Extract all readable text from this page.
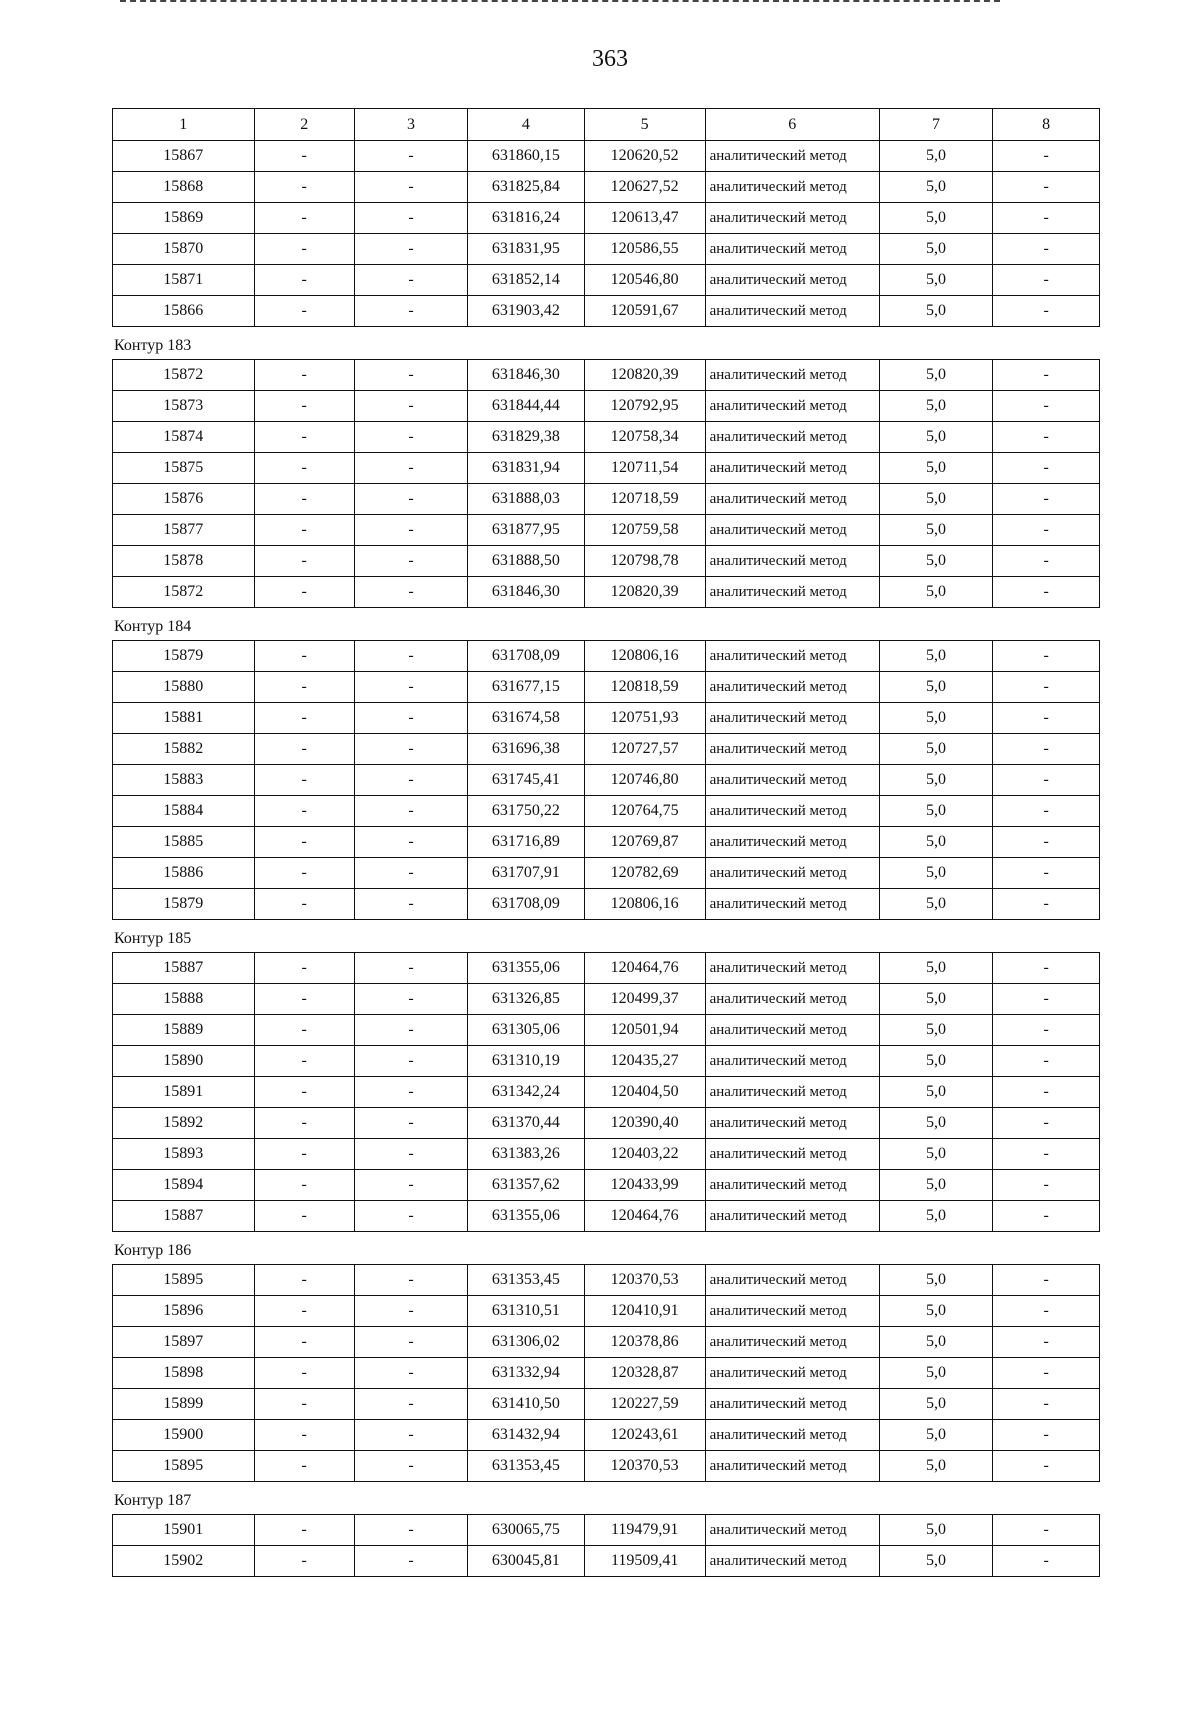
363
1	2	3	4	5	6	7	8
15867	-	-	631860,15	120620,52	аналитический метод	5,0	-
15868	-	-	631825,84	120627,52	аналитический метод	5,0	-
15869	-	-	631816,24	120613,47	аналитический метод	5,0	-
15870	-	-	631831,95	120586,55	аналитический метод	5,0	-
15871	-	-	631852,14	120546,80	аналитический метод	5,0	-
15866	-	-	631903,42	120591,67	аналитический метод	5,0	-
Контур 183
15872	-	-	631846,30	120820,39	аналитический метод	5,0	-
15873	-	-	631844,44	120792,95	аналитический метод	5,0	-
15874	-	-	631829,38	120758,34	аналитический метод	5,0	-
15875	-	-	631831,94	120711,54	аналитический метод	5,0	-
15876	-	-	631888,03	120718,59	аналитический метод	5,0	-
15877	-	-	631877,95	120759,58	аналитический метод	5,0	-
15878	-	-	631888,50	120798,78	аналитический метод	5,0	-
15872	-	-	631846,30	120820,39	аналитический метод	5,0	-
Контур 184
15879	-	-	631708,09	120806,16	аналитический метод	5,0	-
15880	-	-	631677,15	120818,59	аналитический метод	5,0	-
15881	-	-	631674,58	120751,93	аналитический метод	5,0	-
15882	-	-	631696,38	120727,57	аналитический метод	5,0	-
15883	-	-	631745,41	120746,80	аналитический метод	5,0	-
15884	-	-	631750,22	120764,75	аналитический метод	5,0	-
15885	-	-	631716,89	120769,87	аналитический метод	5,0	-
15886	-	-	631707,91	120782,69	аналитический метод	5,0	-
15879	-	-	631708,09	120806,16	аналитический метод	5,0	-
Контур 185
15887	-	-	631355,06	120464,76	аналитический метод	5,0	-
15888	-	-	631326,85	120499,37	аналитический метод	5,0	-
15889	-	-	631305,06	120501,94	аналитический метод	5,0	-
15890	-	-	631310,19	120435,27	аналитический метод	5,0	-
15891	-	-	631342,24	120404,50	аналитический метод	5,0	-
15892	-	-	631370,44	120390,40	аналитический метод	5,0	-
15893	-	-	631383,26	120403,22	аналитический метод	5,0	-
15894	-	-	631357,62	120433,99	аналитический метод	5,0	-
15887	-	-	631355,06	120464,76	аналитический метод	5,0	-
Контур 186
15895	-	-	631353,45	120370,53	аналитический метод	5,0	-
15896	-	-	631310,51	120410,91	аналитический метод	5,0	-
15897	-	-	631306,02	120378,86	аналитический метод	5,0	-
15898	-	-	631332,94	120328,87	аналитический метод	5,0	-
15899	-	-	631410,50	120227,59	аналитический метод	5,0	-
15900	-	-	631432,94	120243,61	аналитический метод	5,0	-
15895	-	-	631353,45	120370,53	аналитический метод	5,0	-
Контур 187
15901	-	-	630065,75	119479,91	аналитический метод	5,0	-
15902	-	-	630045,81	119509,41	аналитический метод	5,0	-
